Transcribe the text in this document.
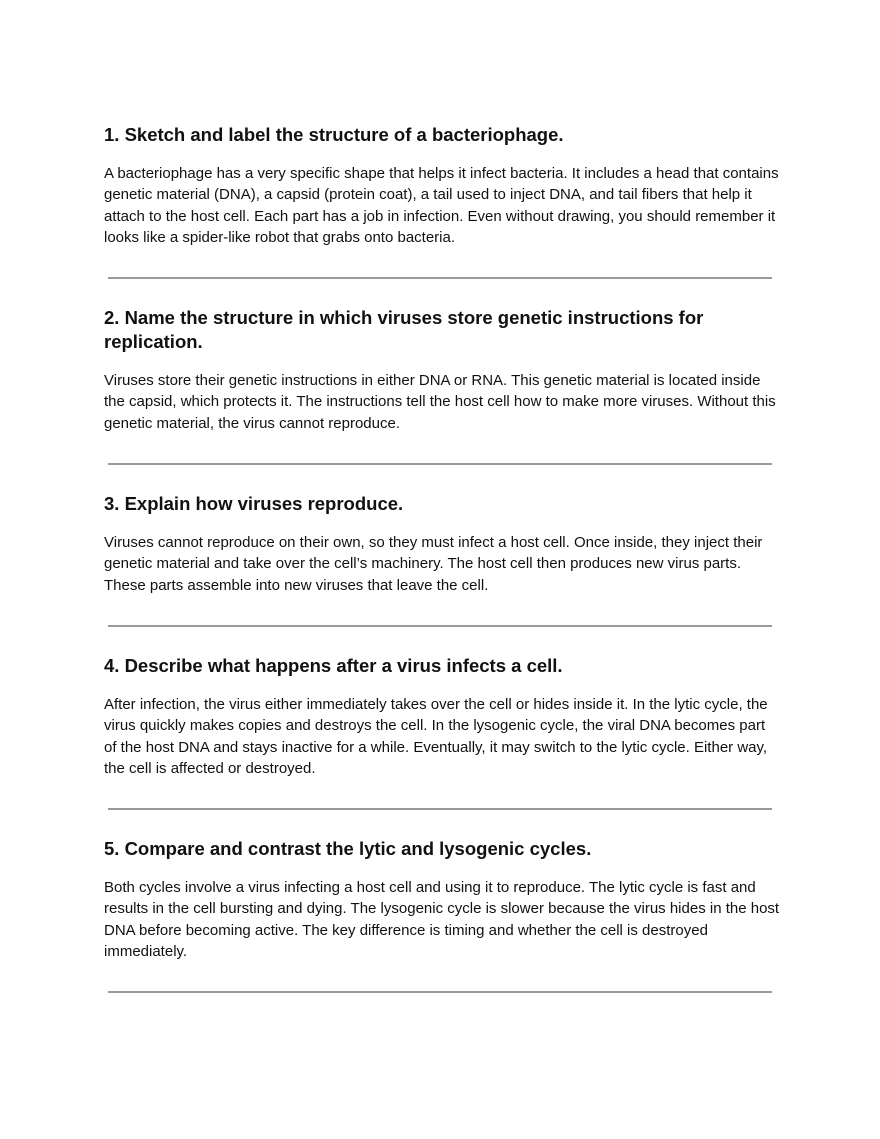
1. Sketch and label the structure of a bacteriophage.

A bacteriophage has a very specific shape that helps it infect bacteria. It includes a head that contains genetic material (DNA), a capsid (protein coat), a tail used to inject DNA, and tail fibers that help it attach to the host cell. Each part has a job in infection. Even without drawing, you should remember it looks like a spider-like robot that grabs onto bacteria.

2. Name the structure in which viruses store genetic instructions for replication.

Viruses store their genetic instructions in either DNA or RNA. This genetic material is located inside the capsid, which protects it. The instructions tell the host cell how to make more viruses. Without this genetic material, the virus cannot reproduce.

3. Explain how viruses reproduce.

Viruses cannot reproduce on their own, so they must infect a host cell. Once inside, they inject their genetic material and take over the cell’s machinery. The host cell then produces new virus parts. These parts assemble into new viruses that leave the cell.

4. Describe what happens after a virus infects a cell.

After infection, the virus either immediately takes over the cell or hides inside it. In the lytic cycle, the virus quickly makes copies and destroys the cell. In the lysogenic cycle, the viral DNA becomes part of the host DNA and stays inactive for a while. Eventually, it may switch to the lytic cycle. Either way, the cell is affected or destroyed.

5. Compare and contrast the lytic and lysogenic cycles.

Both cycles involve a virus infecting a host cell and using it to reproduce. The lytic cycle is fast and results in the cell bursting and dying. The lysogenic cycle is slower because the virus hides in the host DNA before becoming active. The key difference is timing and whether the cell is destroyed immediately.
